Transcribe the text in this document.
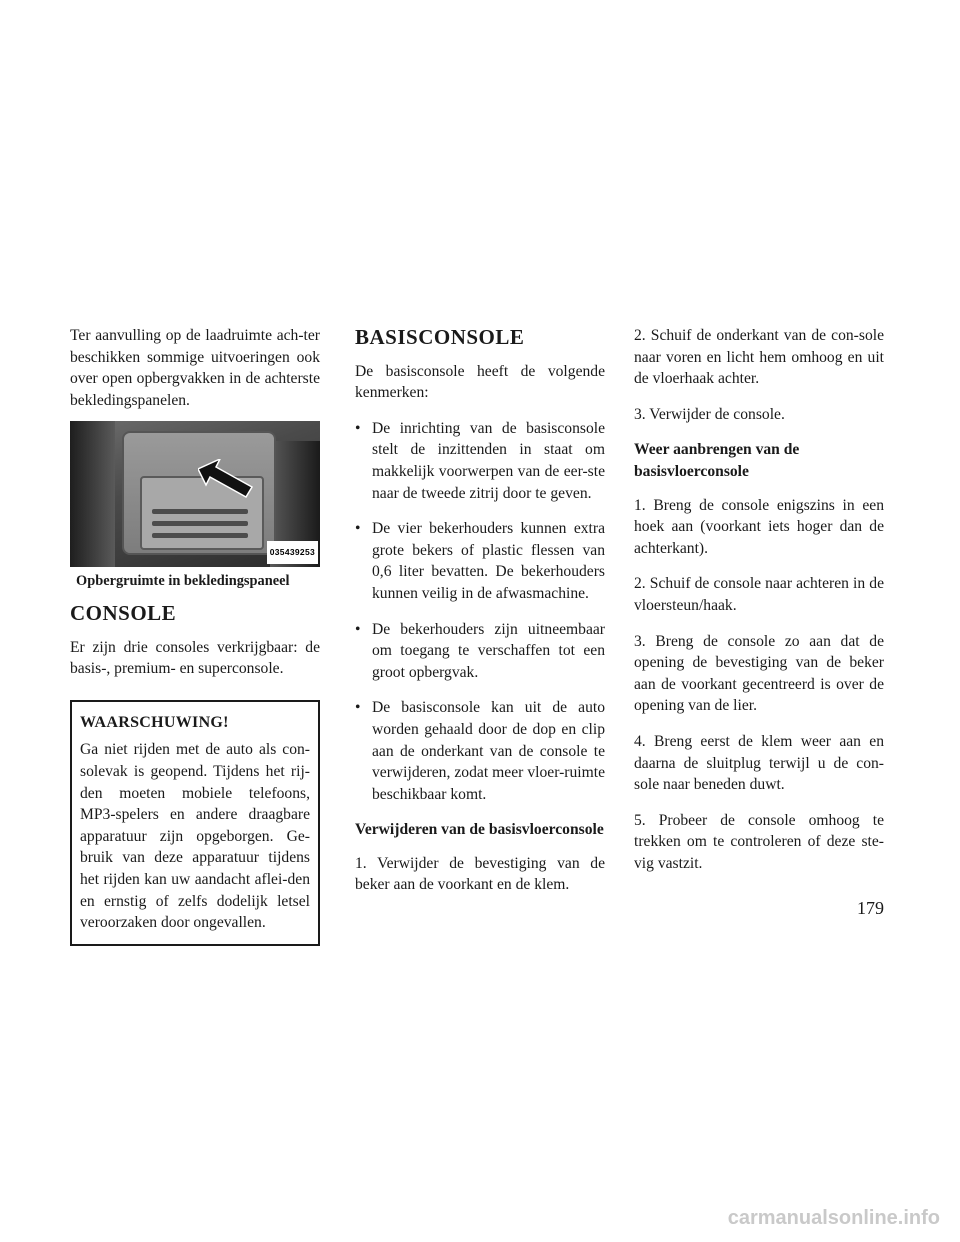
Ter aanvulling op de laadruimte ach-ter beschikken sommige uitvoeringen ook over open opbergvakken in de achterste bekledingspanelen.

035439253
Opbergruimte in bekledingspaneel
CONSOLE

Er zijn drie consoles verkrijgbaar: de basis-, premium- en superconsole.

WAARSCHUWING!

Ga niet rijden met de auto als con-solevak is geopend. Tijdens het rij-den moeten mobiele telefoons, MP3-spelers en andere draagbare apparatuur zijn opgeborgen. Ge-bruik van deze apparatuur tijdens het rijden kan uw aandacht aflei-den en ernstig of zelfs dodelijk letsel veroorzaken door ongevallen.

BASISCONSOLE

De basisconsole heeft de volgende kenmerken:

• De inrichting van de basisconsole stelt de inzittenden in staat om makkelijk voorwerpen van de eer-ste naar de tweede zitrij door te geven.
• De vier bekerhouders kunnen extra grote bekers of plastic flessen van 0,6 liter bevatten. De bekerhouders kunnen veilig in de afwasmachine.
• De bekerhouders zijn uitneembaar om toegang te verschaffen tot een groot opbergvak.
• De basisconsole kan uit de auto worden gehaald door de dop en clip aan de onderkant van de console te verwijderen, zodat meer vloer-ruimte beschikbaar komt.
Verwijderen van de basisvloerconsole

1. Verwijder de bevestiging van de beker aan de voorkant en de klem.

2. Schuif de onderkant van de con-sole naar voren en licht hem omhoog en uit de vloerhaak achter.

3. Verwijder de console.

Weer aanbrengen van de basisvloerconsole

1. Breng de console enigszins in een hoek aan (voorkant iets hoger dan de achterkant).

2. Schuif de console naar achteren in de vloersteun/haak.

3. Breng de console zo aan dat de opening de bevestiging van de beker aan de voorkant gecentreerd is over de opening van de lier.

4. Breng eerst de klem weer aan en daarna de sluitplug terwijl u de con-sole naar beneden duwt.

5. Probeer de console omhoog te trekken om te controleren of deze ste-vig vastzit.

179
carmanualsonline.info
